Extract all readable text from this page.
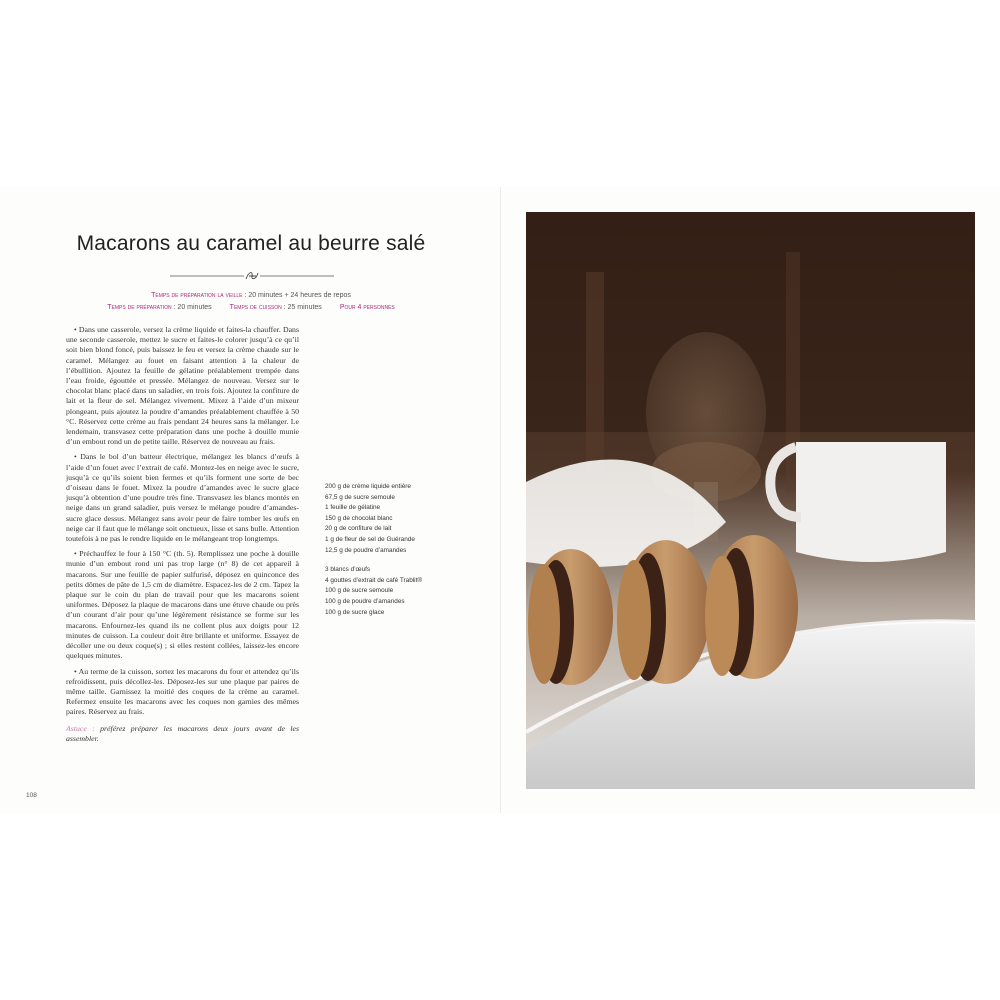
Macarons au caramel au beurre salé
Temps de préparation la veille : 20 minutes + 24 heures de repos
Temps de préparation : 20 minutes	Temps de cuisson : 25 minutes	Pour 4 personnes

• Dans une casserole, versez la crème liquide et faites-la chauffer. Dans une seconde casserole, mettez le sucre et faites-le colorer jusqu’à ce qu’il soit bien blond foncé, puis baissez le feu et versez la crème chaude sur le caramel. Mélangez au fouet en faisant attention à la chaleur de l’ébullition. Ajoutez la feuille de gélatine préalablement trempée dans l’eau froide, égouttée et pressée. Mélangez de nouveau. Versez sur le chocolat blanc placé dans un saladier, en trois fois. Ajoutez la confiture de lait et la fleur de sel. Mélangez vivement. Mixez à l’aide d’un mixeur plongeant, puis ajoutez la poudre d’amandes préalablement chauffée à 50 °C. Réservez cette crème au frais pendant 24 heures sans la mélanger. Le lendemain, transvasez cette préparation dans une poche à douille munie d’un embout rond un de petite taille. Réservez de nouveau au frais.

• Dans le bol d’un batteur électrique, mélangez les blancs d’œufs à l’aide d’un fouet avec l’extrait de café. Montez-les en neige avec le sucre, jusqu’à ce qu’ils soient bien fermes et qu’ils forment une sorte de bec d’oiseau dans le fouet. Mixez la poudre d’amandes avec le sucre glace jusqu’à obtention d’une poudre très fine. Transvasez les blancs montés en neige dans un grand saladier, puis versez le mélange poudre d’amandes-sucre glace dessus. Mélangez sans avoir peur de faire tomber les œufs en neige car il faut que le mélange soit onctueux, lisse et sans bulle. Attention toutefois à ne pas le rendre liquide en le mélangeant trop longtemps.

• Préchauffez le four à 150 °C (th. 5). Remplissez une poche à douille munie d’un embout rond uni pas trop large (n° 8) de cet appareil à macarons. Sur une feuille de papier sulfurisé, déposez en quinconce des petits dômes de pâte de 1,5 cm de diamètre. Espacez-les de 2 cm. Tapez la plaque sur le coin du plan de travail pour que les macarons soient uniformes. Déposez la plaque de macarons dans une étuve chaude ou près d’un courant d’air pour qu’une légèrement résistance se forme sur les macarons. Enfournez-les quand ils ne collent plus aux doigts pour 12 minutes de cuisson. La couleur doit être brillante et uniforme. Essayez de décoller une ou deux coque(s) ; si elles restent collées, laissez-les encore quelques minutes.

• Au terme de la cuisson, sortez les macarons du four et attendez qu’ils refroidissent, puis décollez-les. Déposez-les sur une plaque par paires de même taille. Garnissez la moitié des coques de la crème au caramel. Refermez ensuite les macarons avec les coques non garnies des mêmes paires. Réservez au frais.

Astuce : préférez préparer les macarons deux jours avant de les assembler.

200 g de crème liquide entière
67,5 g de sucre semoule
1 feuille de gélatine
150 g de chocolat blanc
20 g de confiture de lait
1 g de fleur de sel de Guérande
12,5 g de poudre d’amandes
3 blancs d’œufs
4 gouttes d’extrait de café Trablit®
100 g de sucre semoule
100 g de poudre d’amandes
100 g de sucre glace
108
